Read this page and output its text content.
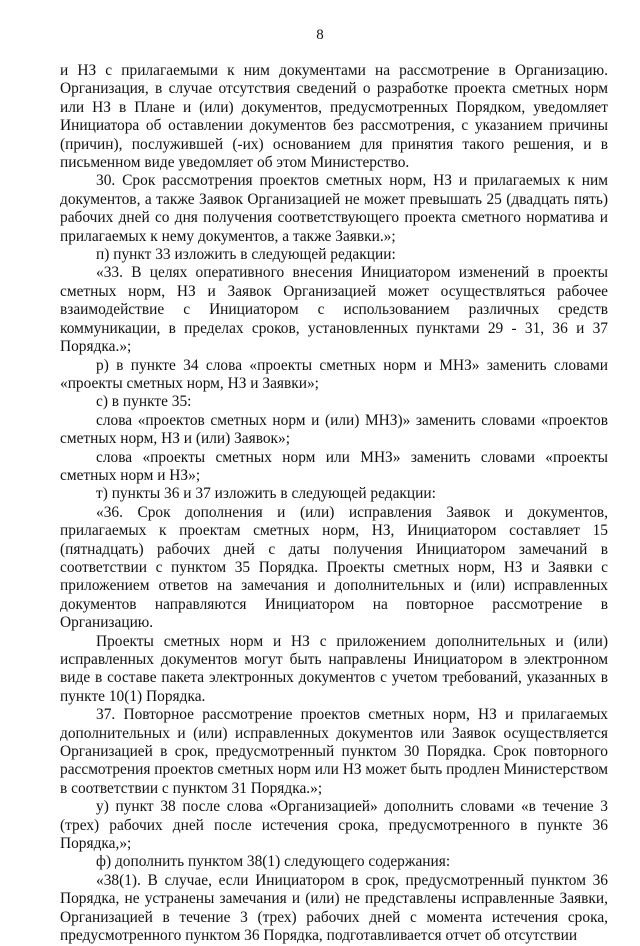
8

и НЗ с прилагаемыми к ним документами на рассмотрение в Организацию. Организация, в случае отсутствия сведений о разработке проекта сметных норм или НЗ в Плане и (или) документов, предусмотренных Порядком, уведомляет Инициатора об оставлении документов без рассмотрения, с указанием причины (причин), послужившей (-их) основанием для принятия такого решения, и в письменном виде уведомляет об этом Министерство.

30. Срок рассмотрения проектов сметных норм, НЗ и прилагаемых к ним документов, а также Заявок Организацией не может превышать 25 (двадцать пять) рабочих дней со дня получения соответствующего проекта сметного норматива и прилагаемых к нему документов, а также Заявки.»;

п) пункт 33 изложить в следующей редакции:

«33. В целях оперативного внесения Инициатором изменений в проекты сметных норм, НЗ и Заявок Организацией может осуществляться рабочее взаимодействие с Инициатором с использованием различных средств коммуникации, в пределах сроков, установленных пунктами 29 - 31, 36 и 37 Порядка.»;

р) в пункте 34 слова «проекты сметных норм и МНЗ» заменить словами «проекты сметных норм, НЗ и Заявки»;

с) в пункте 35:

слова «проектов сметных норм и (или) МНЗ)» заменить словами «проектов сметных норм, НЗ и (или) Заявок»;

слова «проекты сметных норм или МНЗ» заменить словами «проекты сметных норм и НЗ»;

т) пункты 36 и 37 изложить в следующей редакции:

«36. Срок дополнения и (или) исправления Заявок и документов, прилагаемых к проектам сметных норм, НЗ, Инициатором составляет 15 (пятнадцать) рабочих дней с даты получения Инициатором замечаний в соответствии с пунктом 35 Порядка. Проекты сметных норм, НЗ и Заявки с приложением ответов на замечания и дополнительных и (или) исправленных документов направляются Инициатором на повторное рассмотрение в Организацию.

Проекты сметных норм и НЗ с приложением дополнительных и (или) исправленных документов могут быть направлены Инициатором в электронном виде в составе пакета электронных документов с учетом требований, указанных в пункте 10(1) Порядка.

37. Повторное рассмотрение проектов сметных норм, НЗ и прилагаемых дополнительных и (или) исправленных документов или Заявок осуществляется Организацией в срок, предусмотренный пунктом 30 Порядка. Срок повторного рассмотрения проектов сметных норм или НЗ может быть продлен Министерством в соответствии с пунктом 31 Порядка.»;

у) пункт 38 после слова «Организацией» дополнить словами «в течение 3 (трех) рабочих дней после истечения срока, предусмотренного в пункте 36 Порядка,»;

ф) дополнить пунктом 38(1) следующего содержания:

«38(1). В случае, если Инициатором в срок, предусмотренный пунктом 36 Порядка, не устранены замечания и (или) не представлены исправленные Заявки, Организацией в течение 3 (трех) рабочих дней с момента истечения срока, предусмотренного пунктом 36 Порядка, подготавливается отчет об отсутствии
